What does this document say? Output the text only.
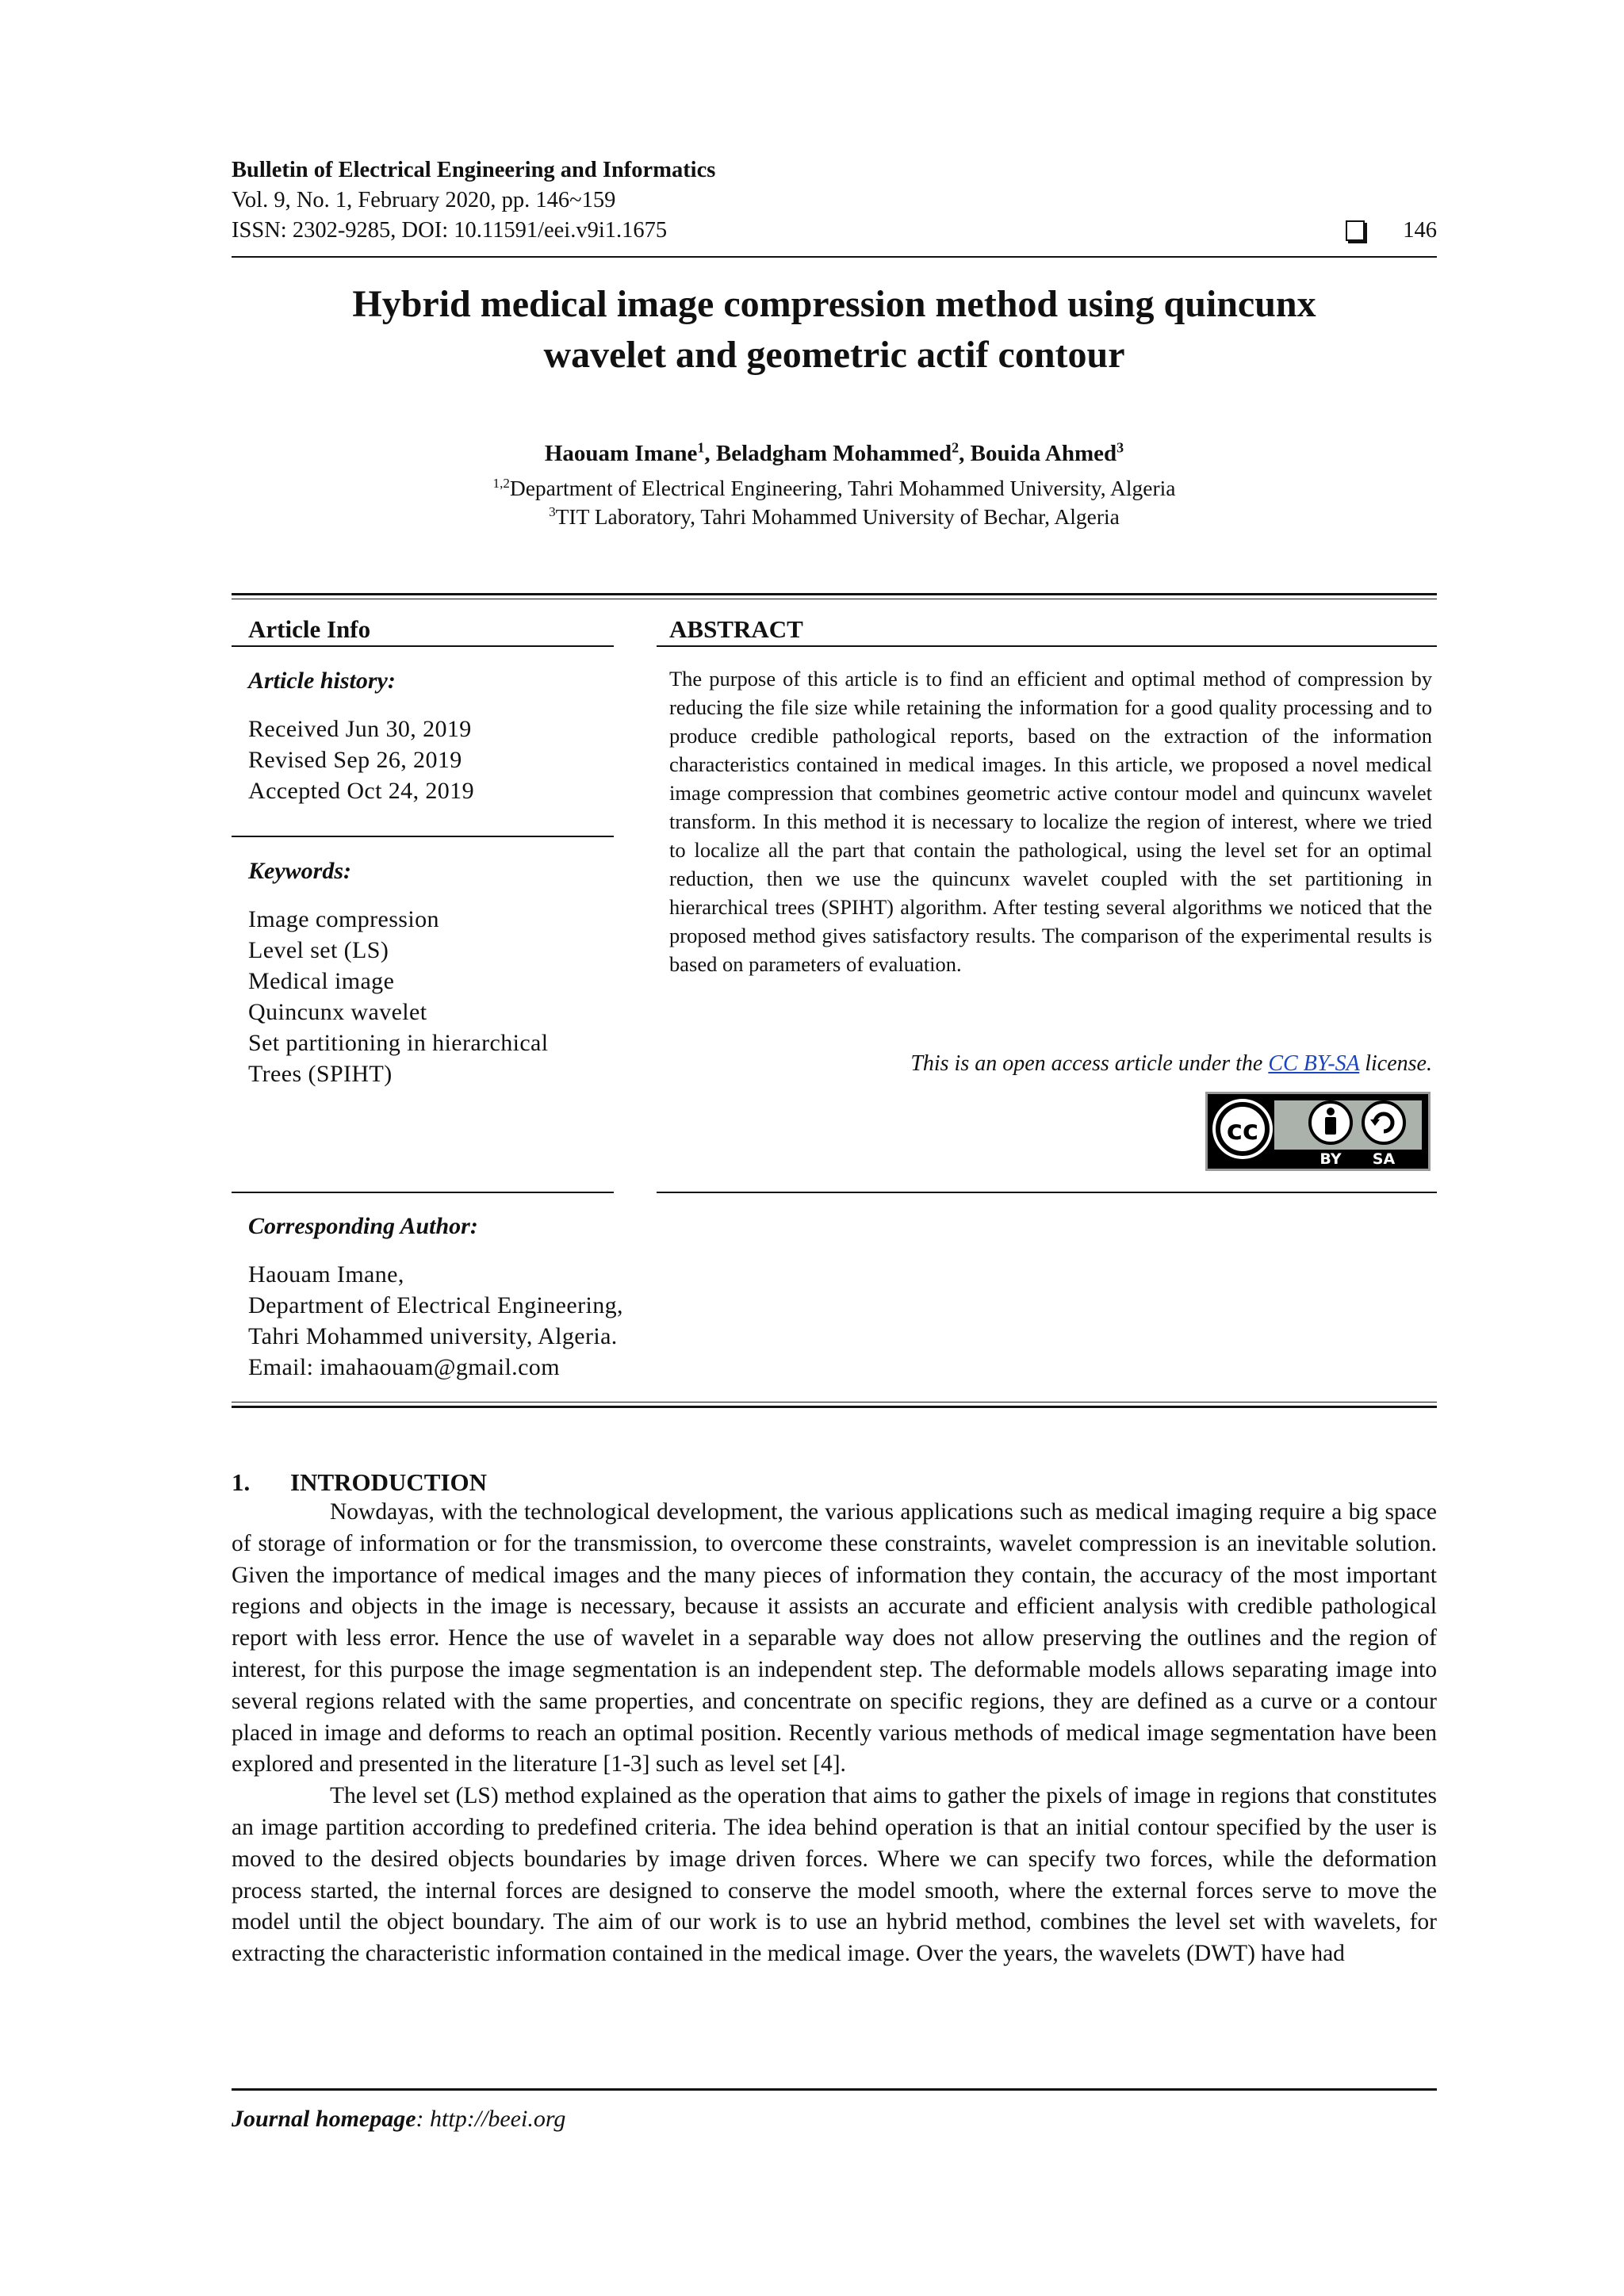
Bulletin of Electrical Engineering and Informatics
Vol. 9, No. 1, February 2020, pp. 146~159
ISSN: 2302-9285, DOI: 10.11591/eei.v9i1.1675	146
Hybrid medical image compression method using quincunx
wavelet and geometric actif contour
Haouam Imane$^1$, Beladgham Mohammed$^2$, Bouida Ahmed$^3$
$^{1,2}$Department of Electrical Engineering, Tahri Mohammed University, Algeria
$^3$TIT Laboratory, Tahri Mohammed University of Bechar, Algeria
Article Info
Article history:
Received Jun 30, 2019
Revised Sep 26, 2019
Accepted Oct 24, 2019
Keywords:
Image compression
Level set (LS)
Medical image
Quincunx wavelet
Set partitioning in hierarchical
Trees (SPIHT)
ABSTRACT
The purpose of this article is to find an efficient and optimal method of compression by reducing the file size while retaining the information for a good quality processing and to produce credible pathological reports, based on the extraction of the information characteristics contained in medical images. In this article, we proposed a novel medical image compression that combines geometric active contour model and quincunx wavelet transform. In this method it is necessary to localize the region of interest, where we tried to localize all the part that contain the pathological, using the level set for an optimal reduction, then we use the quincunx wavelet coupled with the set partitioning in hierarchical trees (SPIHT) algorithm. After testing several algorithms we noticed that the proposed method gives satisfactory results. The comparison of the experimental results is based on parameters of evaluation.
This is an open access article under the CC BY-SA license.
cc
BY SA
Corresponding Author:
Haouam Imane,
Department of Electrical Engineering,
Tahri Mohammed university, Algeria.
Email: imahaouam@gmail.com
1. INTRODUCTION

Nowdayas, with the technological development, the various applications such as medical imaging require a big space of storage of information or for the transmission, to overcome these constraints, wavelet compression is an inevitable solution. Given the importance of medical images and the many pieces of information they contain, the accuracy of the most important regions and objects in the image is necessary, because it assists an accurate and efficient analysis with credible pathological report with less error. Hence the use of wavelet in a separable way does not allow preserving the outlines and the region of interest, for this purpose the image segmentation is an independent step. The deformable models allows separating image into several regions related with the same properties, and concentrate on specific regions, they are defined as a curve or a contour placed in image and deforms to reach an optimal position. Recently various methods of medical image segmentation have been explored and presented in the literature [1-3] such as level set [4].

The level set (LS) method explained as the operation that aims to gather the pixels of image in regions that constitutes an image partition according to predefined criteria. The idea behind operation is that an initial contour specified by the user is moved to the desired objects boundaries by image driven forces. Where we can specify two forces, while the deformation process started, the internal forces are designed to conserve the model smooth, where the external forces serve to move the model until the object boundary. The aim of our work is to use an hybrid method, combines the level set with wavelets, for extracting the characteristic information contained in the medical image. Over the years, the wavelets (DWT) have had

Journal homepage: http://beei.org
